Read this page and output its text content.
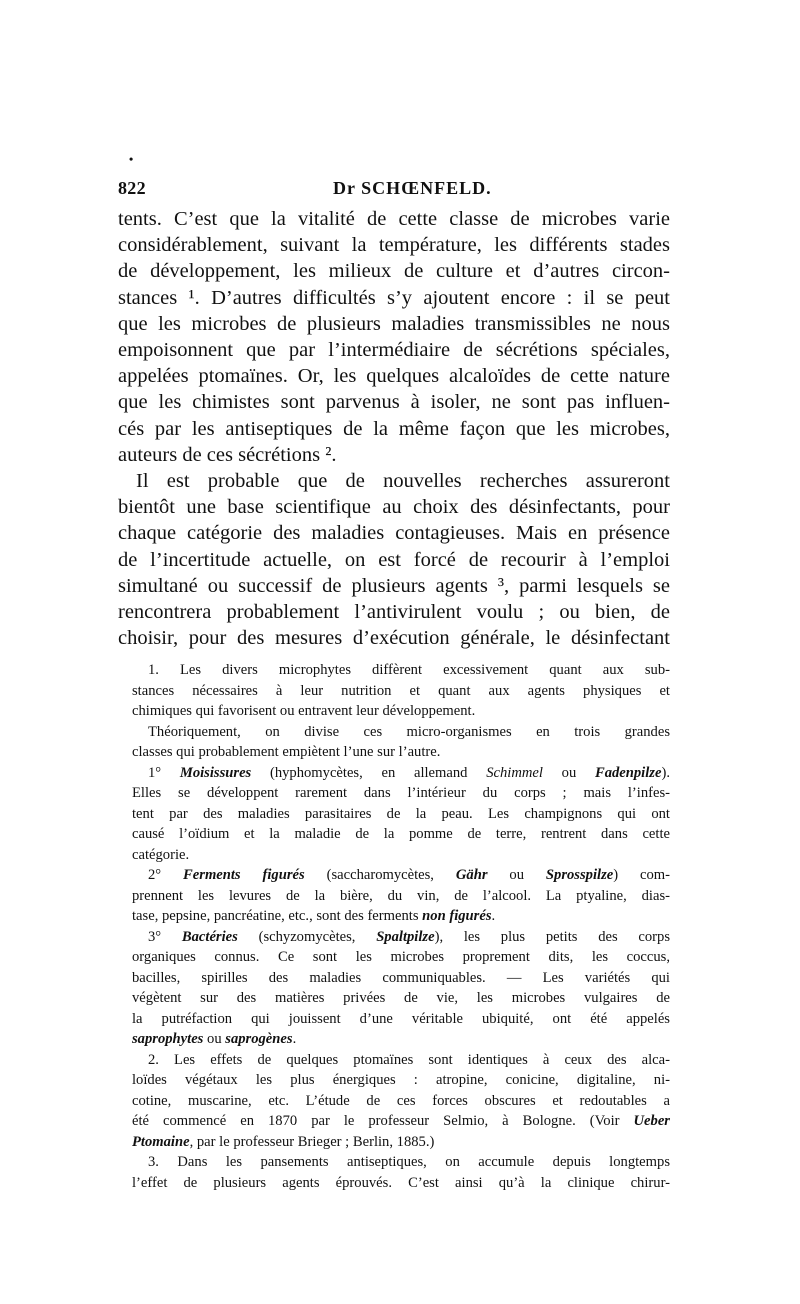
•
822	Dr SCHŒNFELD.

tents. C’est que la vitalité de cette classe de microbes varie

considérablement, suivant la température, les différents stades

de développement, les milieux de culture et d’autres circon-

stances ¹. D’autres difficultés s’y ajoutent encore : il se peut

que les microbes de plusieurs maladies transmissibles ne nous

empoisonnent que par l’intermédiaire de sécrétions spéciales,

appelées ptomaïnes. Or, les quelques alcaloïdes de cette nature

que les chimistes sont parvenus à isoler, ne sont pas influen-

cés par les antiseptiques de la même façon que les microbes,

auteurs de ces sécrétions ².

Il est probable que de nouvelles recherches assureront

bientôt une base scientifique au choix des désinfectants, pour

chaque catégorie des maladies contagieuses. Mais en présence

de l’incertitude actuelle, on est forcé de recourir à l’emploi

simultané ou successif de plusieurs agents ³, parmi lesquels se

rencontrera probablement l’antivirulent voulu ; ou bien, de

choisir, pour des mesures d’exécution générale, le désinfectant

1. Les divers microphytes diffèrent excessivement quant aux sub-

stances nécessaires à leur nutrition et quant aux agents physiques et

chimiques qui favorisent ou entravent leur développement.

Théoriquement, on divise ces micro-organismes en trois grandes

classes qui probablement empiètent l’une sur l’autre.

1° Moisissures (hyphomycètes, en allemand Schimmel ou Fadenpilze).

Elles se développent rarement dans l’intérieur du corps ; mais l’infes-

tent par des maladies parasitaires de la peau. Les champignons qui ont

causé l’oïdium et la maladie de la pomme de terre, rentrent dans cette

catégorie.

2° Ferments figurés (saccharomycètes, Gähr ou Sprosspilze) com-

prennent les levures de la bière, du vin, de l’alcool. La ptyaline, dias-

tase, pepsine, pancréatine, etc., sont des ferments non figurés.

3° Bactéries (schyzomycètes, Spaltpilze), les plus petits des corps

organiques connus. Ce sont les microbes proprement dits, les coccus,

bacilles, spirilles des maladies communiquables. — Les variétés qui

végètent sur des matières privées de vie, les microbes vulgaires de

la putréfaction qui jouissent d’une véritable ubiquité, ont été appelés

saprophytes ou saprogènes.

2. Les effets de quelques ptomaïnes sont identiques à ceux des alca-

loïdes végétaux les plus énergiques : atropine, conicine, digitaline, ni-

cotine, muscarine, etc. L’étude de ces forces obscures et redoutables a

été commencé en 1870 par le professeur Selmio, à Bologne. (Voir Ueber

Ptomaine, par le professeur Brieger ; Berlin, 1885.)

3. Dans les pansements antiseptiques, on accumule depuis longtemps

l’effet de plusieurs agents éprouvés. C’est ainsi qu’à la clinique chirur-
